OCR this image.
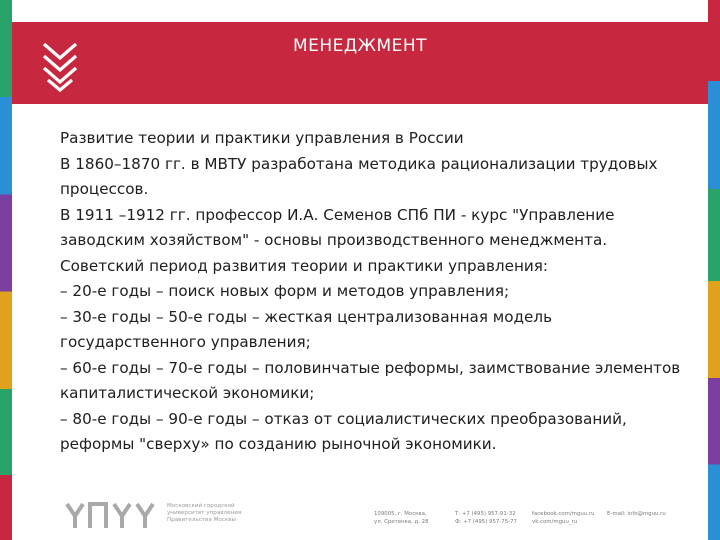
МЕНЕДЖМЕНТ

Развитие теории и практики управления в России

В 1860–1870 гг. в МВТУ разработана методика рационализации трудовых процессов.

В 1911 –1912 гг. профессор И.А. Семенов СПб ПИ - курс "Управление заводским хозяйством" - основы производственного менеджмента.

Советский период развития теории и практики управления:

– 20-е годы – поиск новых форм и методов управления;

– 30-е годы – 50-е годы – жесткая централизованная модель государственного управления;

– 60-е годы – 70-е годы – половинчатые реформы, заимствование элементов капиталистической экономики;

– 80-е годы – 90-е годы – отказ от социалистических преобразований, реформы "сверху» по созданию рыночной экономики.

Московский городской
университет управления
Правительства Москвы
109005, г. Москва,
ул. Сретенка, д. 28
Т: +7 (495) 957-91-32
Ф: +7 (495) 957-75-77
facebook.com/mguu.ru
vk.com/mguu_ru
E-mail: info@mguu.ru
